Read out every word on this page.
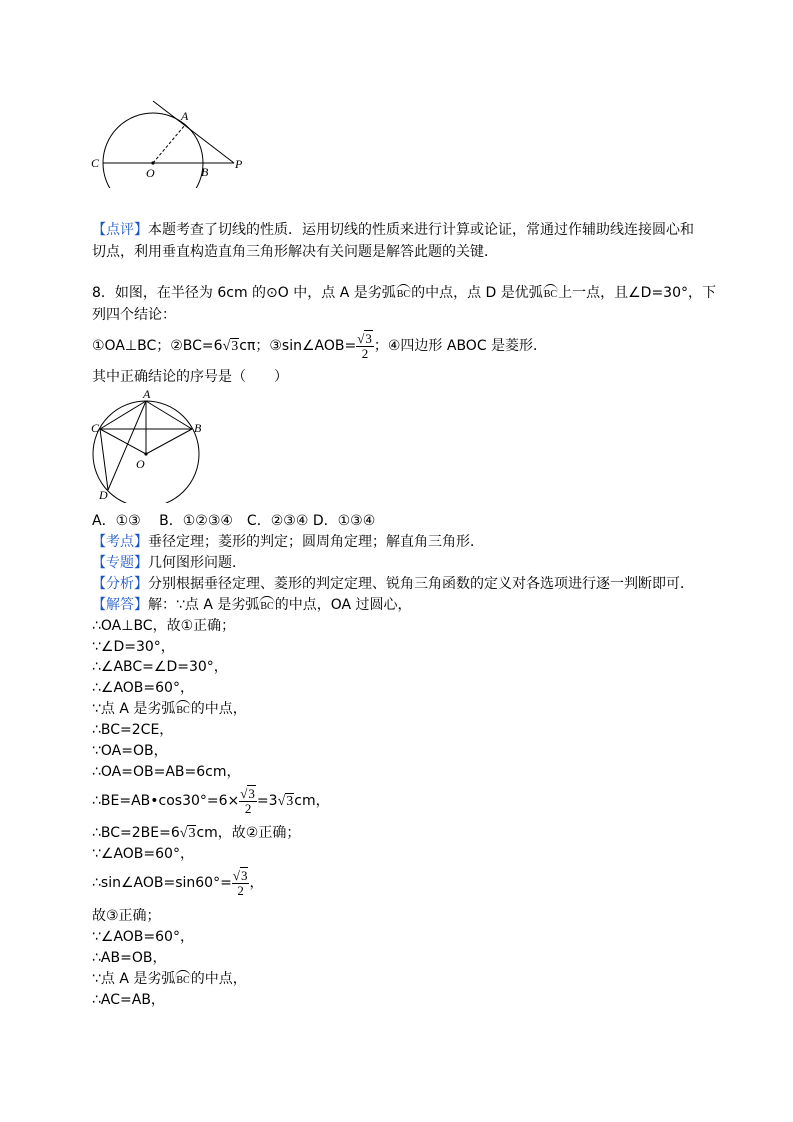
A
C
O	B
P
【点评】本题考查了切线的性质．运用切线的性质来进行计算或论证，常通过作辅助线连接圆心和
切点，利用垂直构造直角三角形解决有关问题是解答此题的关键．
8．如图，在半径为 6cm 的⊙O 中，点 A 是劣弧BC的中点，点 D 是优弧BC上一点，且∠D=30°，下
列四个结论：
①OA⊥BC；②BC=6√3cπ；③sin∠AOB= $\frac{√3}{2}$ ；④四边形 ABOC 是菱形．
其中正确结论的序号是（　　）
A
C	B
O
D
A．①③　 B．①②③④　C．②③④ D．①③④
【考点】垂径定理；菱形的判定；圆周角定理；解直角三角形．
【专题】几何图形问题．
【分析】分别根据垂径定理、菱形的判定定理、锐角三角函数的定义对各选项进行逐一判断即可．
【解答】解：∵点 A 是劣弧BC的中点，OA 过圆心，
∴OA⊥BC，故①正确；
∵∠D=30°，
∴∠ABC=∠D=30°，
∴∠AOB=60°，
∵点 A 是劣弧BC的中点，
∴BC=2CE，
∵OA=OB，
∴OA=OB=AB=6cm，
∴BE=AB•cos30°=6× $\frac{√3}{2} =3√3cm$，
∴BC=2BE=6√3cm，故②正确；
∵∠AOB=60°，
∴sin∠AOB=sin60°= $\frac{√3}{2}$ ，
故③正确；
∵∠AOB=60°，
∴AB=OB，
∵点 A 是劣弧BC的中点，
∴AC=AB，
